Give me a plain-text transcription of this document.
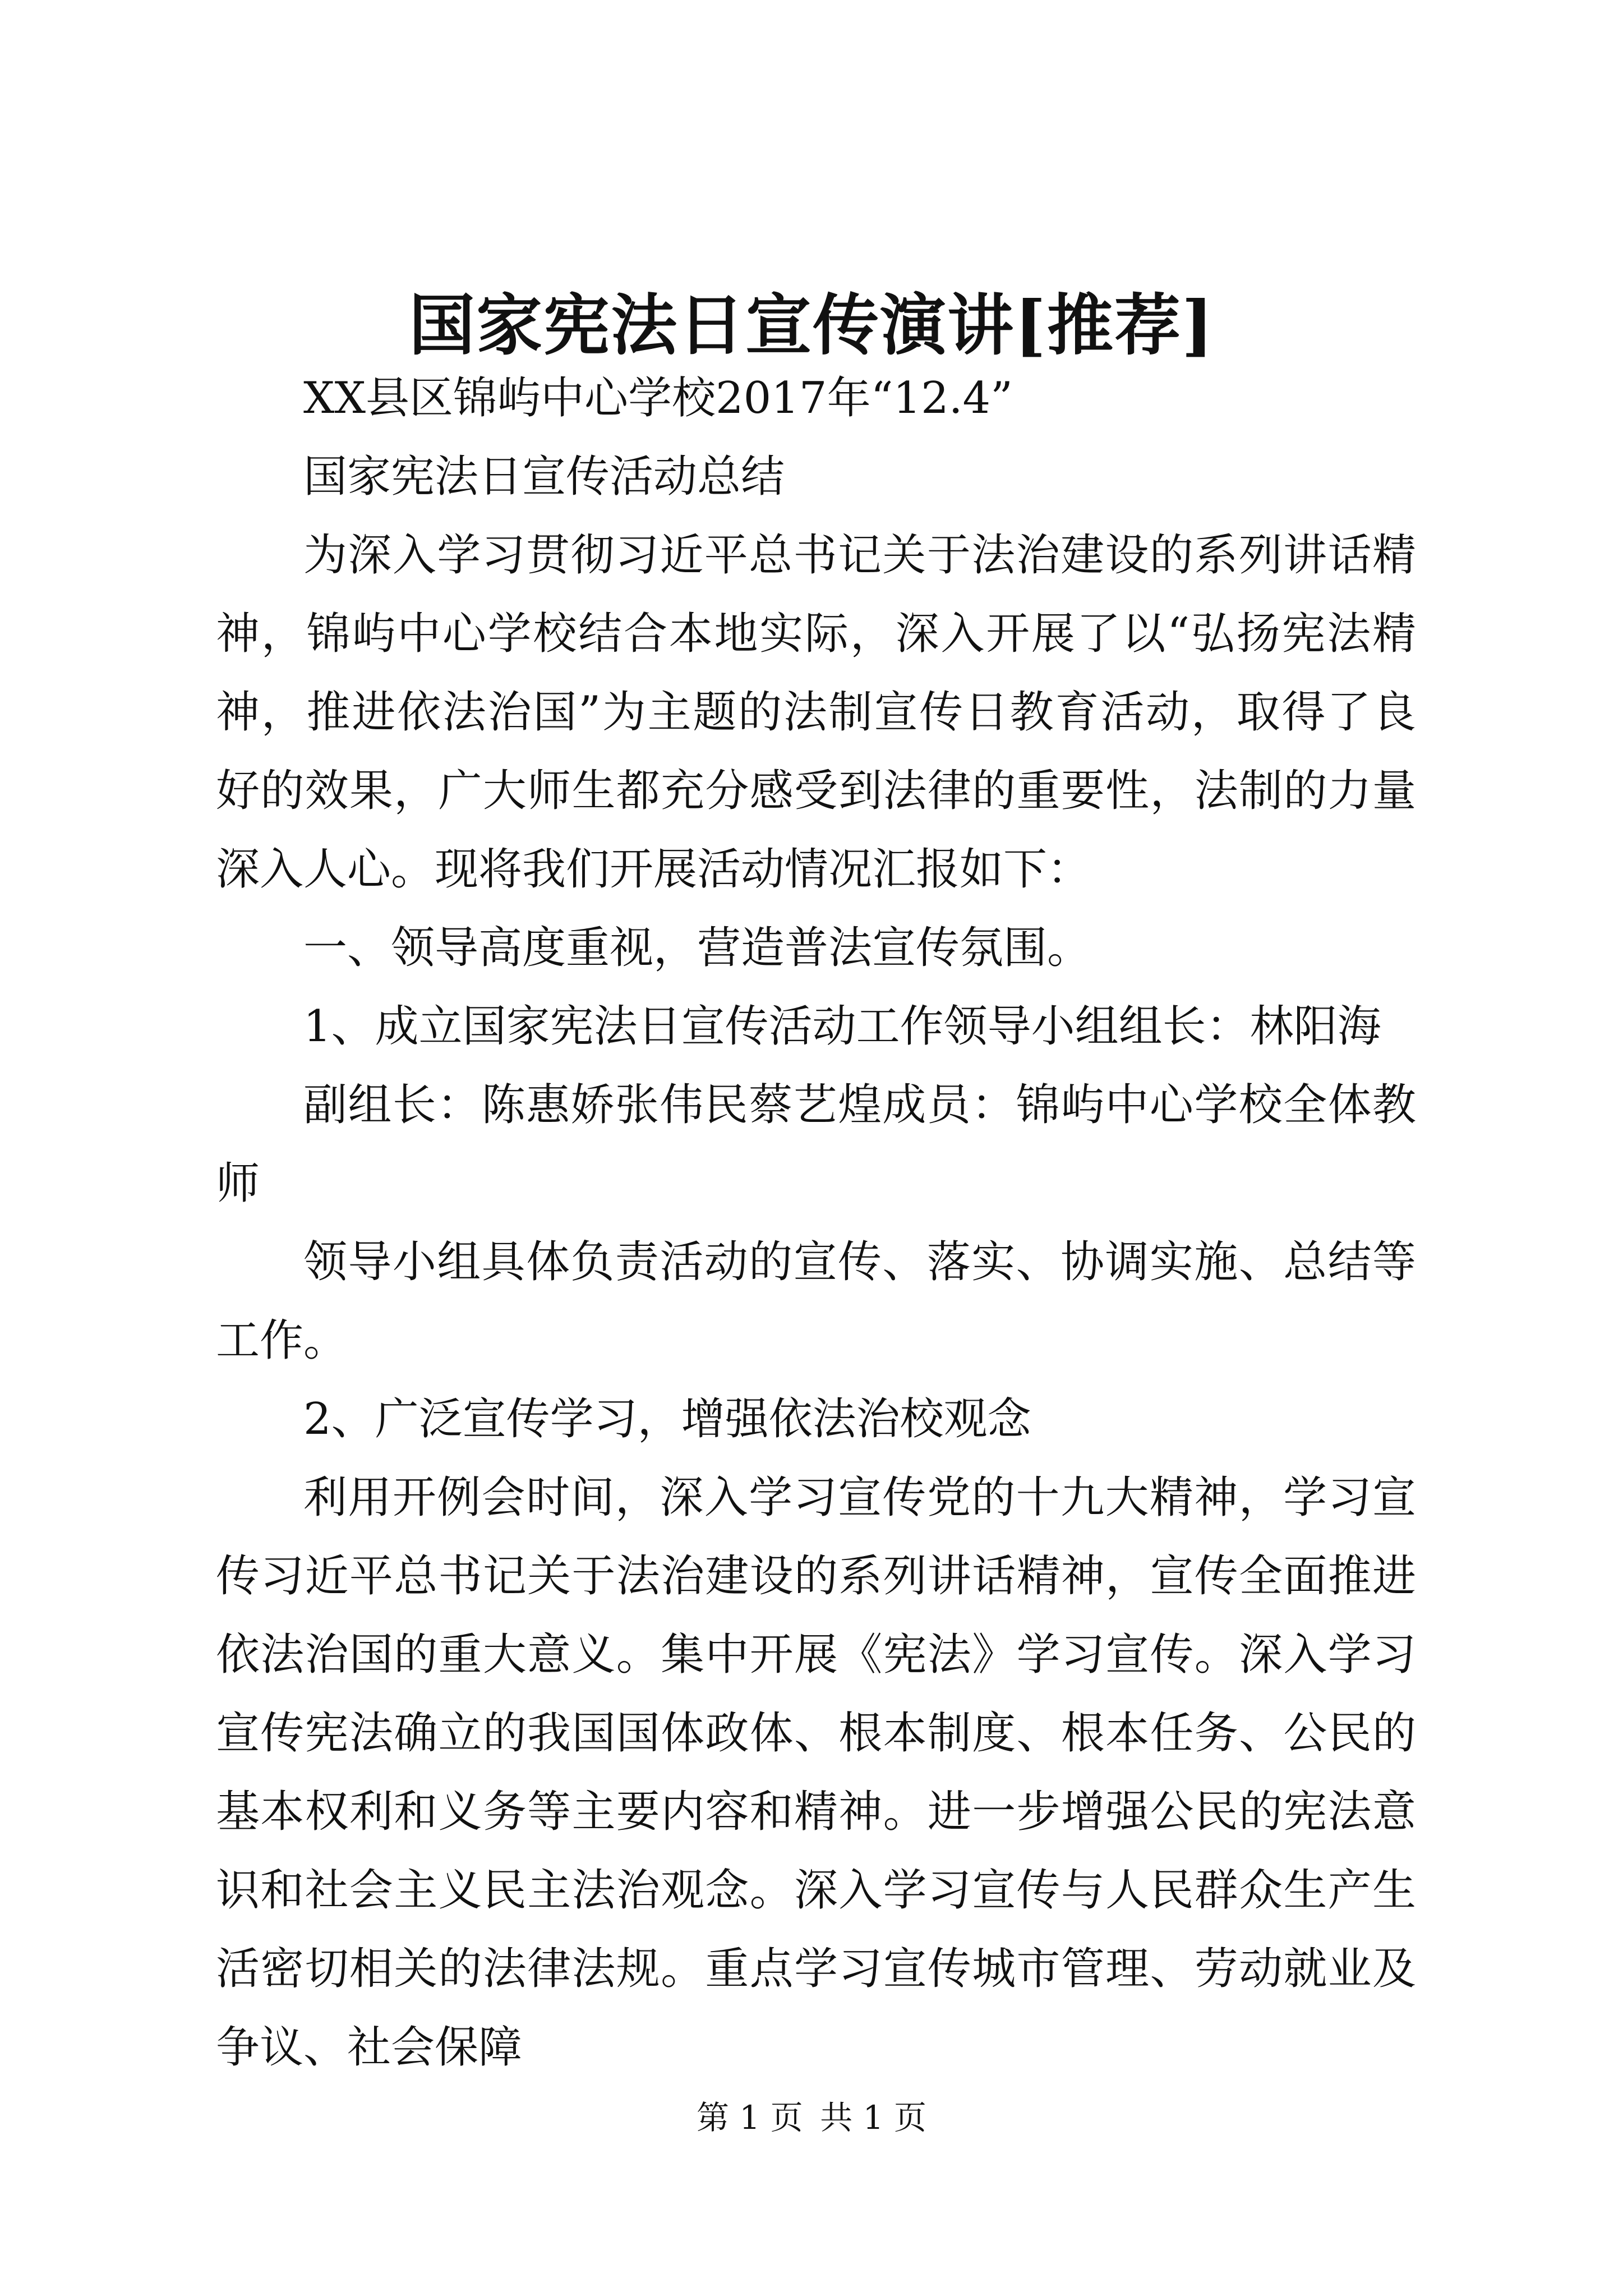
国家宪法日宣传演讲[推荐]

XX县区锦屿中心学校2017年“12.4”

国家宪法日宣传活动总结

为深入学习贯彻习近平总书记关于法治建设的系列讲话精神，锦屿中心学校结合本地实际，深入开展了以“弘扬宪法精神，推进依法治国”为主题的法制宣传日教育活动，取得了良好的效果，广大师生都充分感受到法律的重要性，法制的力量深入人心。现将我们开展活动情况汇报如下：

一、领导高度重视，营造普法宣传氛围。

1、成立国家宪法日宣传活动工作领导小组组长：林阳海

副组长：陈惠娇张伟民蔡艺煌成员：锦屿中心学校全体教师

领导小组具体负责活动的宣传、落实、协调实施、总结等工作。

2、广泛宣传学习，增强依法治校观念

利用开例会时间，深入学习宣传党的十九大精神，学习宣传习近平总书记关于法治建设的系列讲话精神，宣传全面推进依法治国的重大意义。集中开展《宪法》学习宣传。深入学习宣传宪法确立的我国国体政体、根本制度、根本任务、公民的基本权利和义务等主要内容和精神。进一步增强公民的宪法意识和社会主义民主法治观念。深入学习宣传与人民群众生产生活密切相关的法律法规。重点学习宣传城市管理、劳动就业及争议、社会保障

第 1 页 共 1 页
